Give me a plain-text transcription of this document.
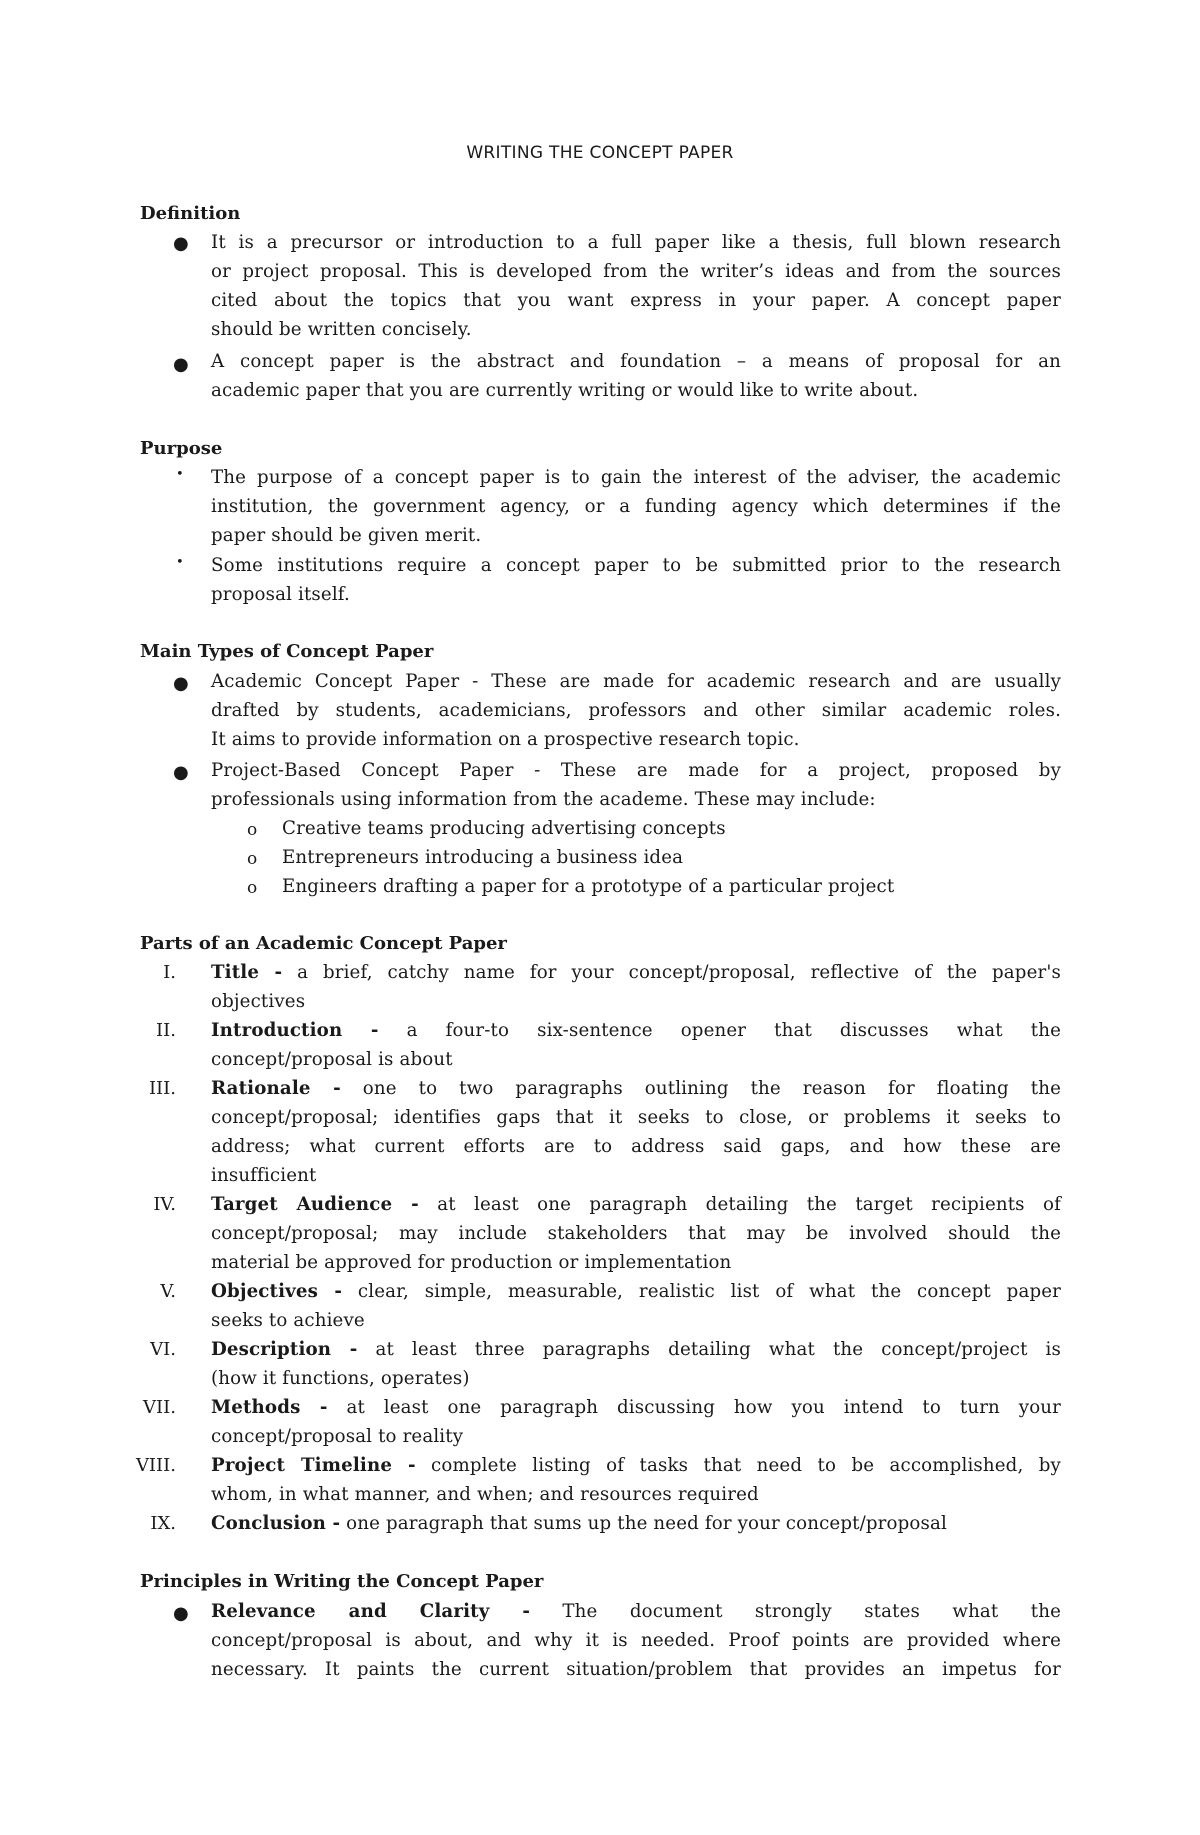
WRITING THE CONCEPT PAPER
Definition
● It is a precursor or introduction to a full paper like a thesis, full blown research
or project proposal. This is developed from the writer’s ideas and from the sources
cited about the topics that you want express in your paper. A concept paper
should be written concisely.
● A concept paper is the abstract and foundation – a means of proposal for an
academic paper that you are currently writing or would like to write about.
Purpose
• The purpose of a concept paper is to gain the interest of the adviser, the academic
institution, the government agency, or a funding agency which determines if the
paper should be given merit.
• Some institutions require a concept paper to be submitted prior to the research
proposal itself.
Main Types of Concept Paper
● Academic Concept Paper - These are made for academic research and are usually
drafted by students, academicians, professors and other similar academic roles.
It aims to provide information on a prospective research topic.
● Project-Based Concept Paper - These are made for a project, proposed by
professionals using information from the academe. These may include:
o Creative teams producing advertising concepts
o Entrepreneurs introducing a business idea
o Engineers drafting a paper for a prototype of a particular project
Parts of an Academic Concept Paper
I. Title - a brief, catchy name for your concept/proposal, reflective of the paper's
objectives
II. Introduction - a four-to six-sentence opener that discusses what the
concept/proposal is about
III. Rationale - one to two paragraphs outlining the reason for floating the
concept/proposal; identifies gaps that it seeks to close, or problems it seeks to
address; what current efforts are to address said gaps, and how these are
insufficient
IV. Target Audience - at least one paragraph detailing the target recipients of
concept/proposal; may include stakeholders that may be involved should the
material be approved for production or implementation
V. Objectives - clear, simple, measurable, realistic list of what the concept paper
seeks to achieve
VI. Description - at least three paragraphs detailing what the concept/project is
(how it functions, operates)
VII. Methods - at least one paragraph discussing how you intend to turn your
concept/proposal to reality
VIII. Project Timeline - complete listing of tasks that need to be accomplished, by
whom, in what manner, and when; and resources required
IX. Conclusion - one paragraph that sums up the need for your concept/proposal
Principles in Writing the Concept Paper
● Relevance and Clarity - The document strongly states what the
concept/proposal is about, and why it is needed. Proof points are provided where
necessary. It paints the current situation/problem that provides an impetus for
